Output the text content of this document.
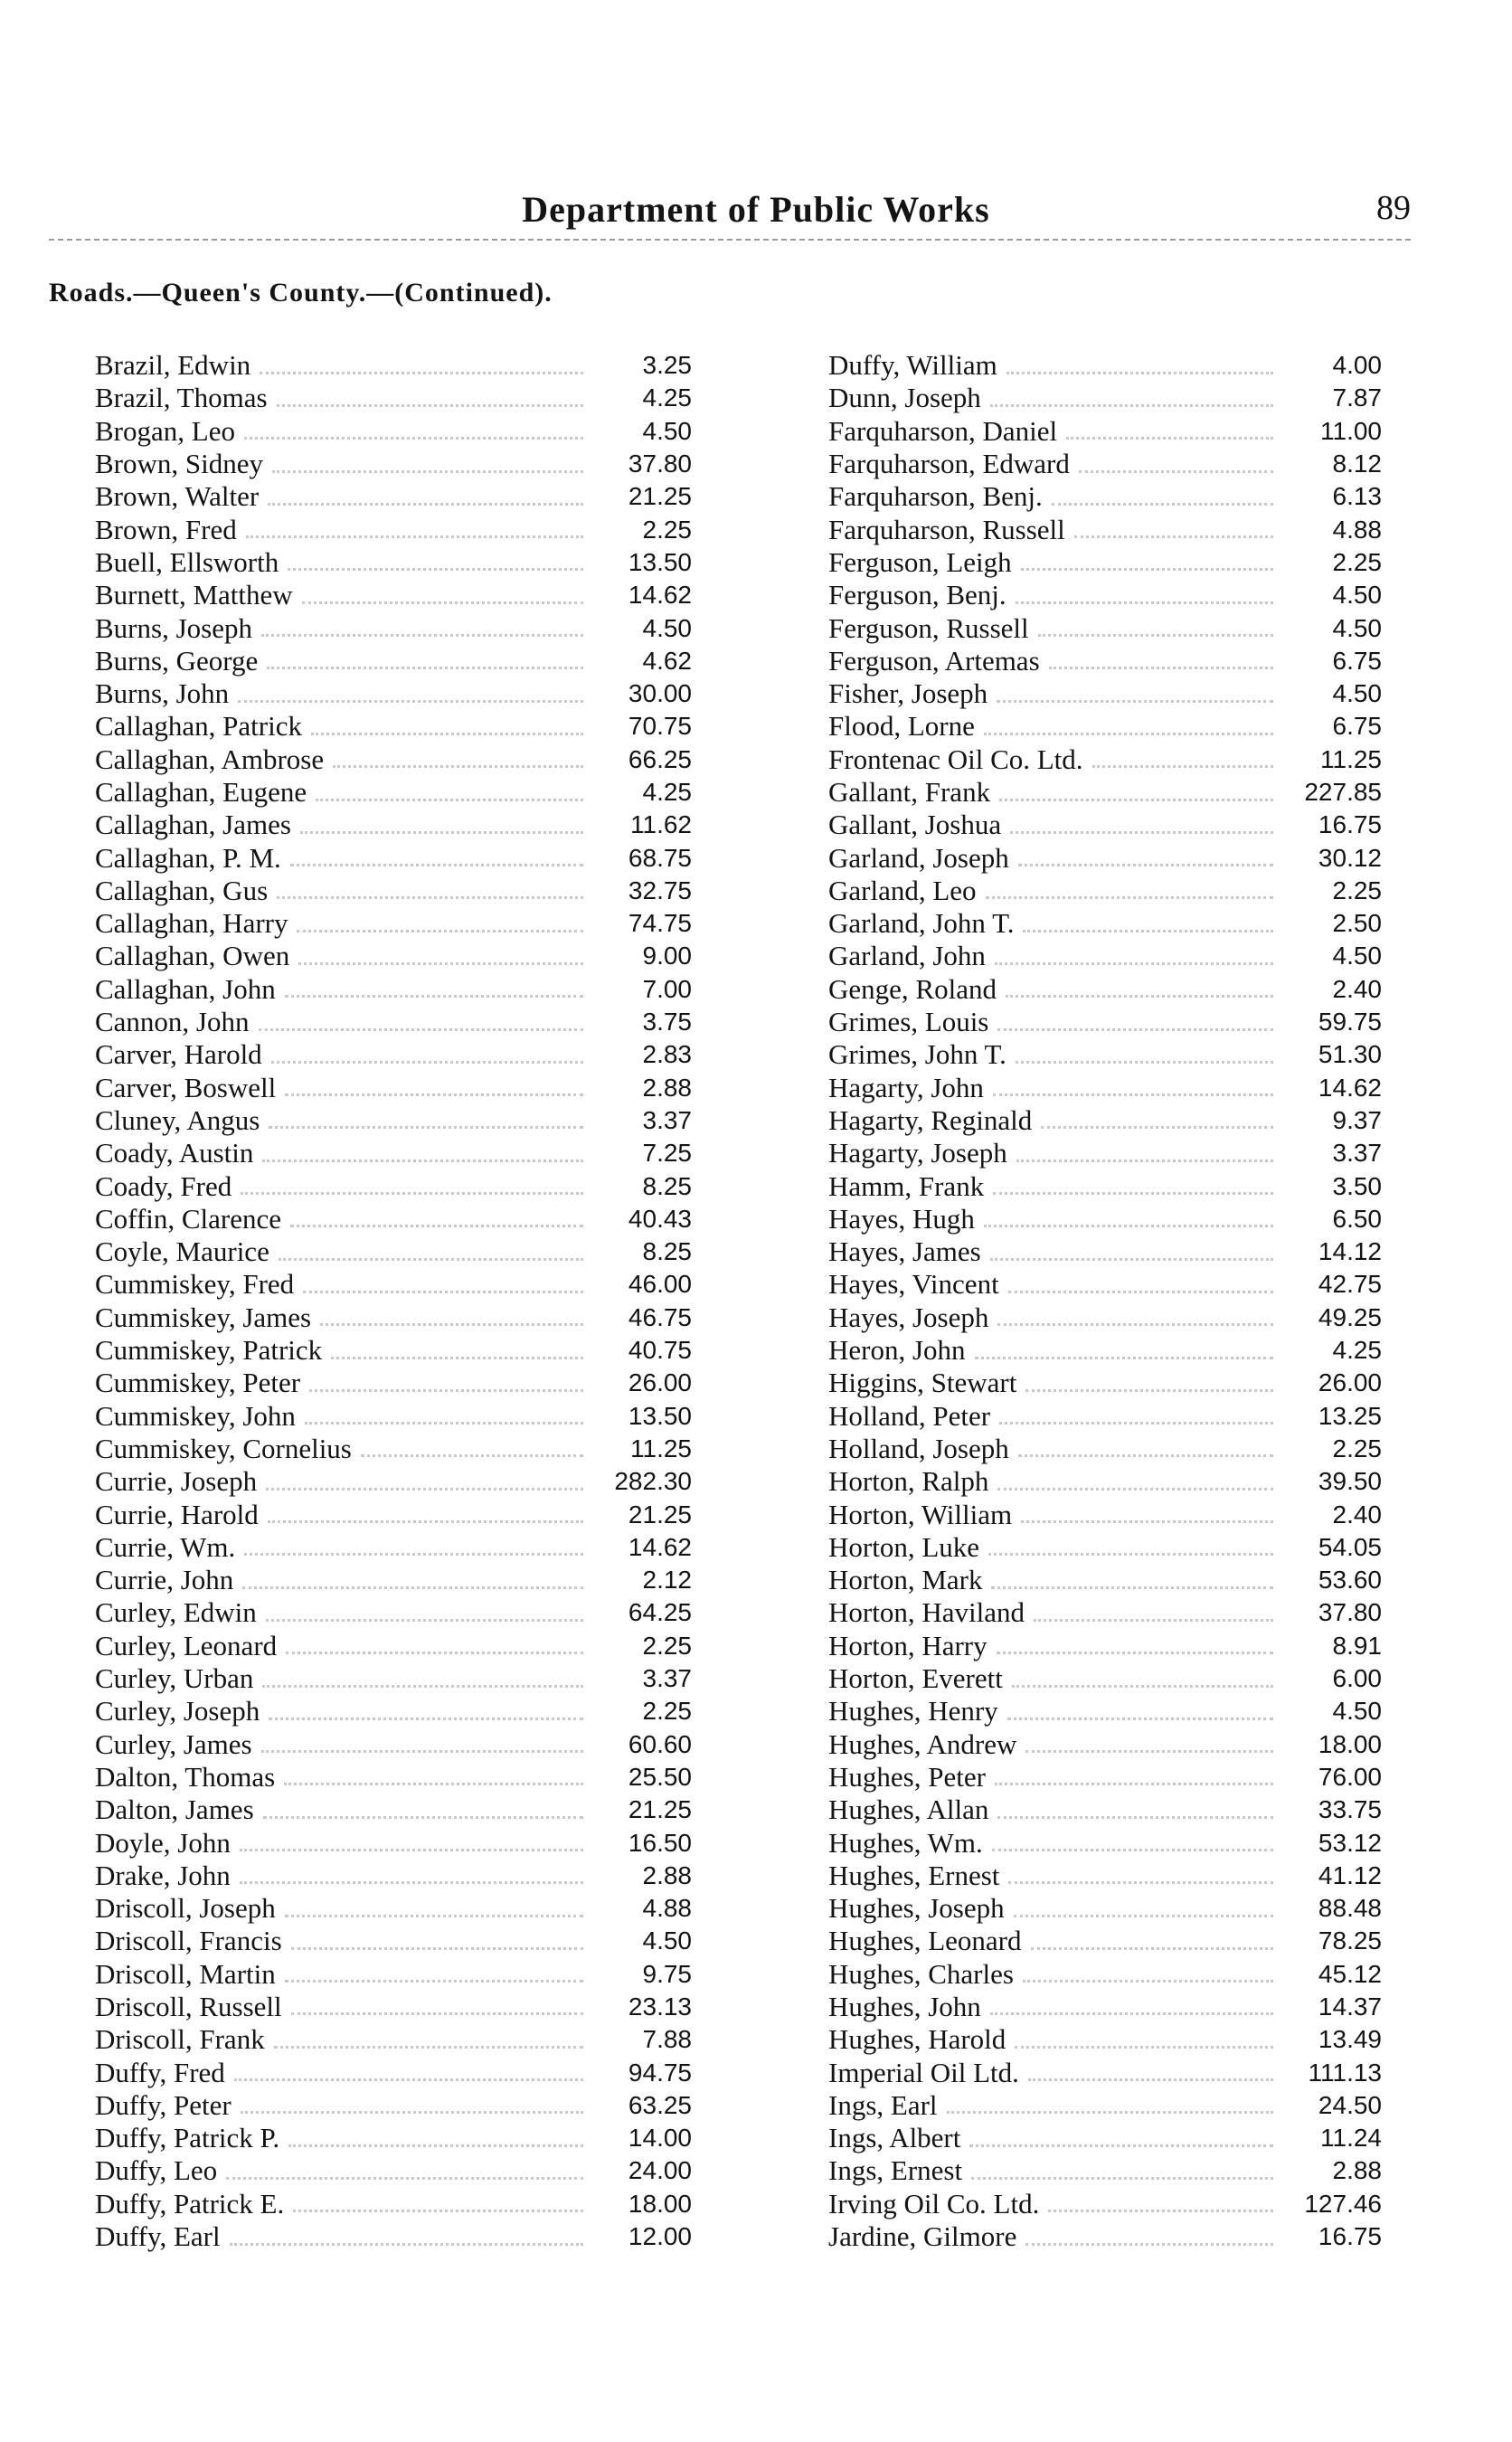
Department of Public Works	89
Roads.—Queen's County.—(Continued).
Brazil, Edwin	3.25
Brazil, Thomas	4.25
Brogan, Leo	4.50
Brown, Sidney	37.80
Brown, Walter	21.25
Brown, Fred	2.25
Buell, Ellsworth	13.50
Burnett, Matthew	14.62
Burns, Joseph	4.50
Burns, George	4.62
Burns, John	30.00
Callaghan, Patrick	70.75
Callaghan, Ambrose	66.25
Callaghan, Eugene	4.25
Callaghan, James	11.62
Callaghan, P. M.	68.75
Callaghan, Gus	32.75
Callaghan, Harry	74.75
Callaghan, Owen	9.00
Callaghan, John	7.00
Cannon, John	3.75
Carver, Harold	2.83
Carver, Boswell	2.88
Cluney, Angus	3.37
Coady, Austin	7.25
Coady, Fred	8.25
Coffin, Clarence	40.43
Coyle, Maurice	8.25
Cummiskey, Fred	46.00
Cummiskey, James	46.75
Cummiskey, Patrick	40.75
Cummiskey, Peter	26.00
Cummiskey, John	13.50
Cummiskey, Cornelius	11.25
Currie, Joseph	282.30
Currie, Harold	21.25
Currie, Wm.	14.62
Currie, John	2.12
Curley, Edwin	64.25
Curley, Leonard	2.25
Curley, Urban	3.37
Curley, Joseph	2.25
Curley, James	60.60
Dalton, Thomas	25.50
Dalton, James	21.25
Doyle, John	16.50
Drake, John	2.88
Driscoll, Joseph	4.88
Driscoll, Francis	4.50
Driscoll, Martin	9.75
Driscoll, Russell	23.13
Driscoll, Frank	7.88
Duffy, Fred	94.75
Duffy, Peter	63.25
Duffy, Patrick P.	14.00
Duffy, Leo	24.00
Duffy, Patrick E.	18.00
Duffy, Earl	12.00
Duffy, William	4.00
Dunn, Joseph	7.87
Farquharson, Daniel	11.00
Farquharson, Edward	8.12
Farquharson, Benj.	6.13
Farquharson, Russell	4.88
Ferguson, Leigh	2.25
Ferguson, Benj.	4.50
Ferguson, Russell	4.50
Ferguson, Artemas	6.75
Fisher, Joseph	4.50
Flood, Lorne	6.75
Frontenac Oil Co. Ltd.	11.25
Gallant, Frank	227.85
Gallant, Joshua	16.75
Garland, Joseph	30.12
Garland, Leo	2.25
Garland, John T.	2.50
Garland, John	4.50
Genge, Roland	2.40
Grimes, Louis	59.75
Grimes, John T.	51.30
Hagarty, John	14.62
Hagarty, Reginald	9.37
Hagarty, Joseph	3.37
Hamm, Frank	3.50
Hayes, Hugh	6.50
Hayes, James	14.12
Hayes, Vincent	42.75
Hayes, Joseph	49.25
Heron, John	4.25
Higgins, Stewart	26.00
Holland, Peter	13.25
Holland, Joseph	2.25
Horton, Ralph	39.50
Horton, William	2.40
Horton, Luke	54.05
Horton, Mark	53.60
Horton, Haviland	37.80
Horton, Harry	8.91
Horton, Everett	6.00
Hughes, Henry	4.50
Hughes, Andrew	18.00
Hughes, Peter	76.00
Hughes, Allan	33.75
Hughes, Wm.	53.12
Hughes, Ernest	41.12
Hughes, Joseph	88.48
Hughes, Leonard	78.25
Hughes, Charles	45.12
Hughes, John	14.37
Hughes, Harold	13.49
Imperial Oil Ltd.	111.13
Ings, Earl	24.50
Ings, Albert	11.24
Ings, Ernest	2.88
Irving Oil Co. Ltd.	127.46
Jardine, Gilmore	16.75
